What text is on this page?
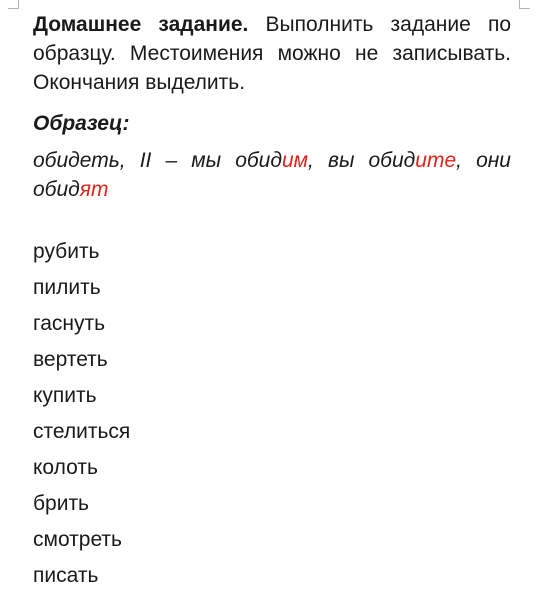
Домашнее задание. Выполнить задание по образцу. Местоимения можно не записывать. Окончания выделить.

Образец:
обидеть, II – мы обидим, вы обидите, они обидят
рубить
пилить
гаснуть
вертеть
купить
стелиться
колоть
брить
смотреть
писать
